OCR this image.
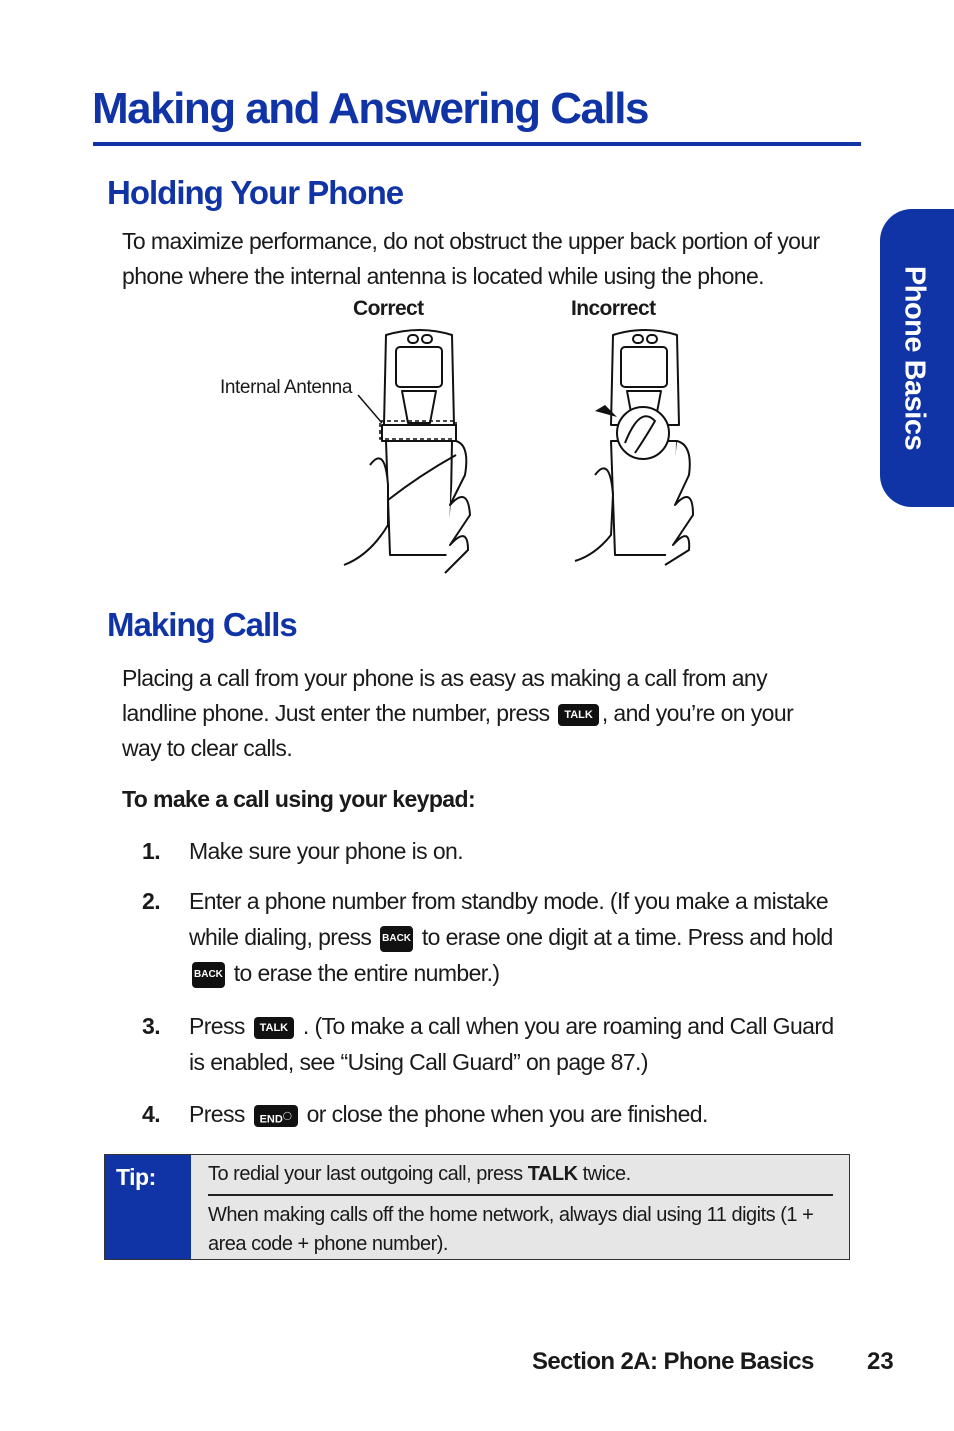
Making and Answering Calls
Phone Basics
Holding Your Phone

To maximize performance, do not obstruct the upper back portion of your phone where the internal antenna is located while using the phone.

Correct	Incorrect
Internal Antenna
Making Calls

Placing a call from your phone is as easy as making a call from any landline phone. Just enter the number, press TALK , and you’re on your way to clear calls.

To make a call using your keypad:
1. Make sure your phone is on.
2. Enter a phone number from standby mode. (If you make a mistake while dialing, press BACK to erase one digit at a time. Press and hold BACK to erase the entire number.)
3. Press TALK . (To make a call when you are roaming and Call Guard is enabled, see “Using Call Guard” on page 87.)
4. Press END◯ or close the phone when you are finished.
Tip:	To redial your last outgoing call, press TALK twice.
When making calls off the home network, always dial using 11 digits (1 + area code + phone number).
Section 2A: Phone Basics 23
